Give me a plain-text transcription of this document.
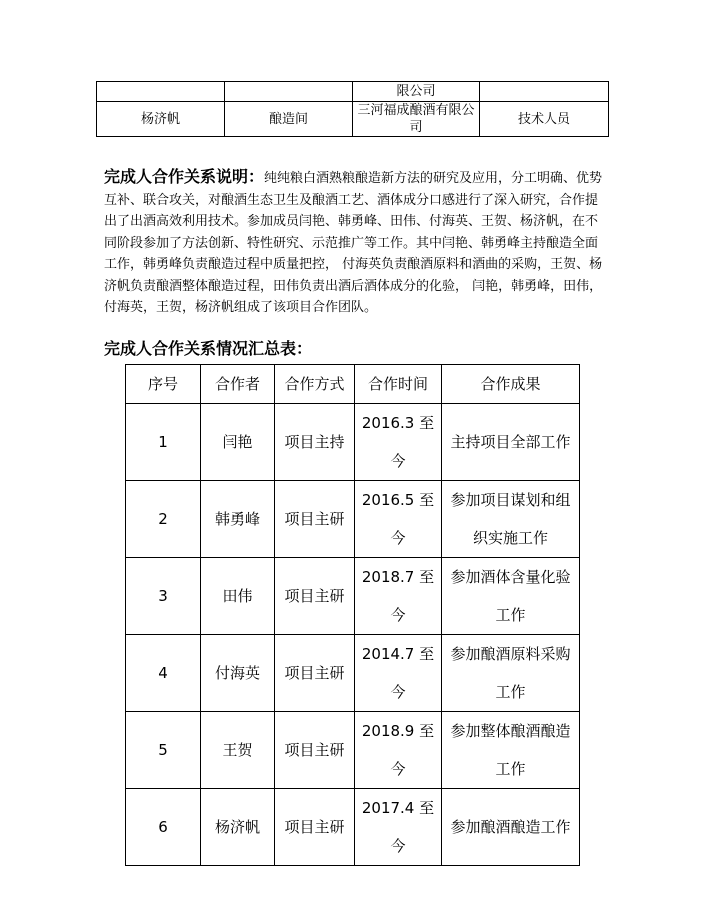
		限公司	
杨济帆	酿造间	三河福成酿酒有限公司	技术人员

完成人合作关系说明：纯纯粮白酒熟粮酿造新方法的研究及应用，分工明确、优势互补、联合攻关，对酿酒生态卫生及酿酒工艺、酒体成分口感进行了深入研究，合作提出了出酒高效利用技术。参加成员闫艳、韩勇峰、田伟、付海英、王贺、杨济帆，在不同阶段参加了方法创新、特性研究、示范推广等工作。其中闫艳、韩勇峰主持酿造全面工作，韩勇峰负责酿造过程中质量把控， 付海英负责酿酒原料和酒曲的采购，王贺、杨济帆负责酿酒整体酿造过程，田伟负责出酒后酒体成分的化验， 闫艳，韩勇峰，田伟，付海英，王贺，杨济帆组成了该项目合作团队。

完成人合作关系情况汇总表：
序号	合作者	合作方式	合作时间	合作成果
1	闫艳	项目主持	2016.3 至今	主持项目全部工作
2	韩勇峰	项目主研	2016.5 至今	参加项目谋划和组织实施工作
3	田伟	项目主研	2018.7 至今	参加酒体含量化验工作
4	付海英	项目主研	2014.7 至今	参加酿酒原料采购工作
5	王贺	项目主研	2018.9 至今	参加整体酿酒酿造工作
6	杨济帆	项目主研	2017.4 至今	参加酿酒酿造工作
